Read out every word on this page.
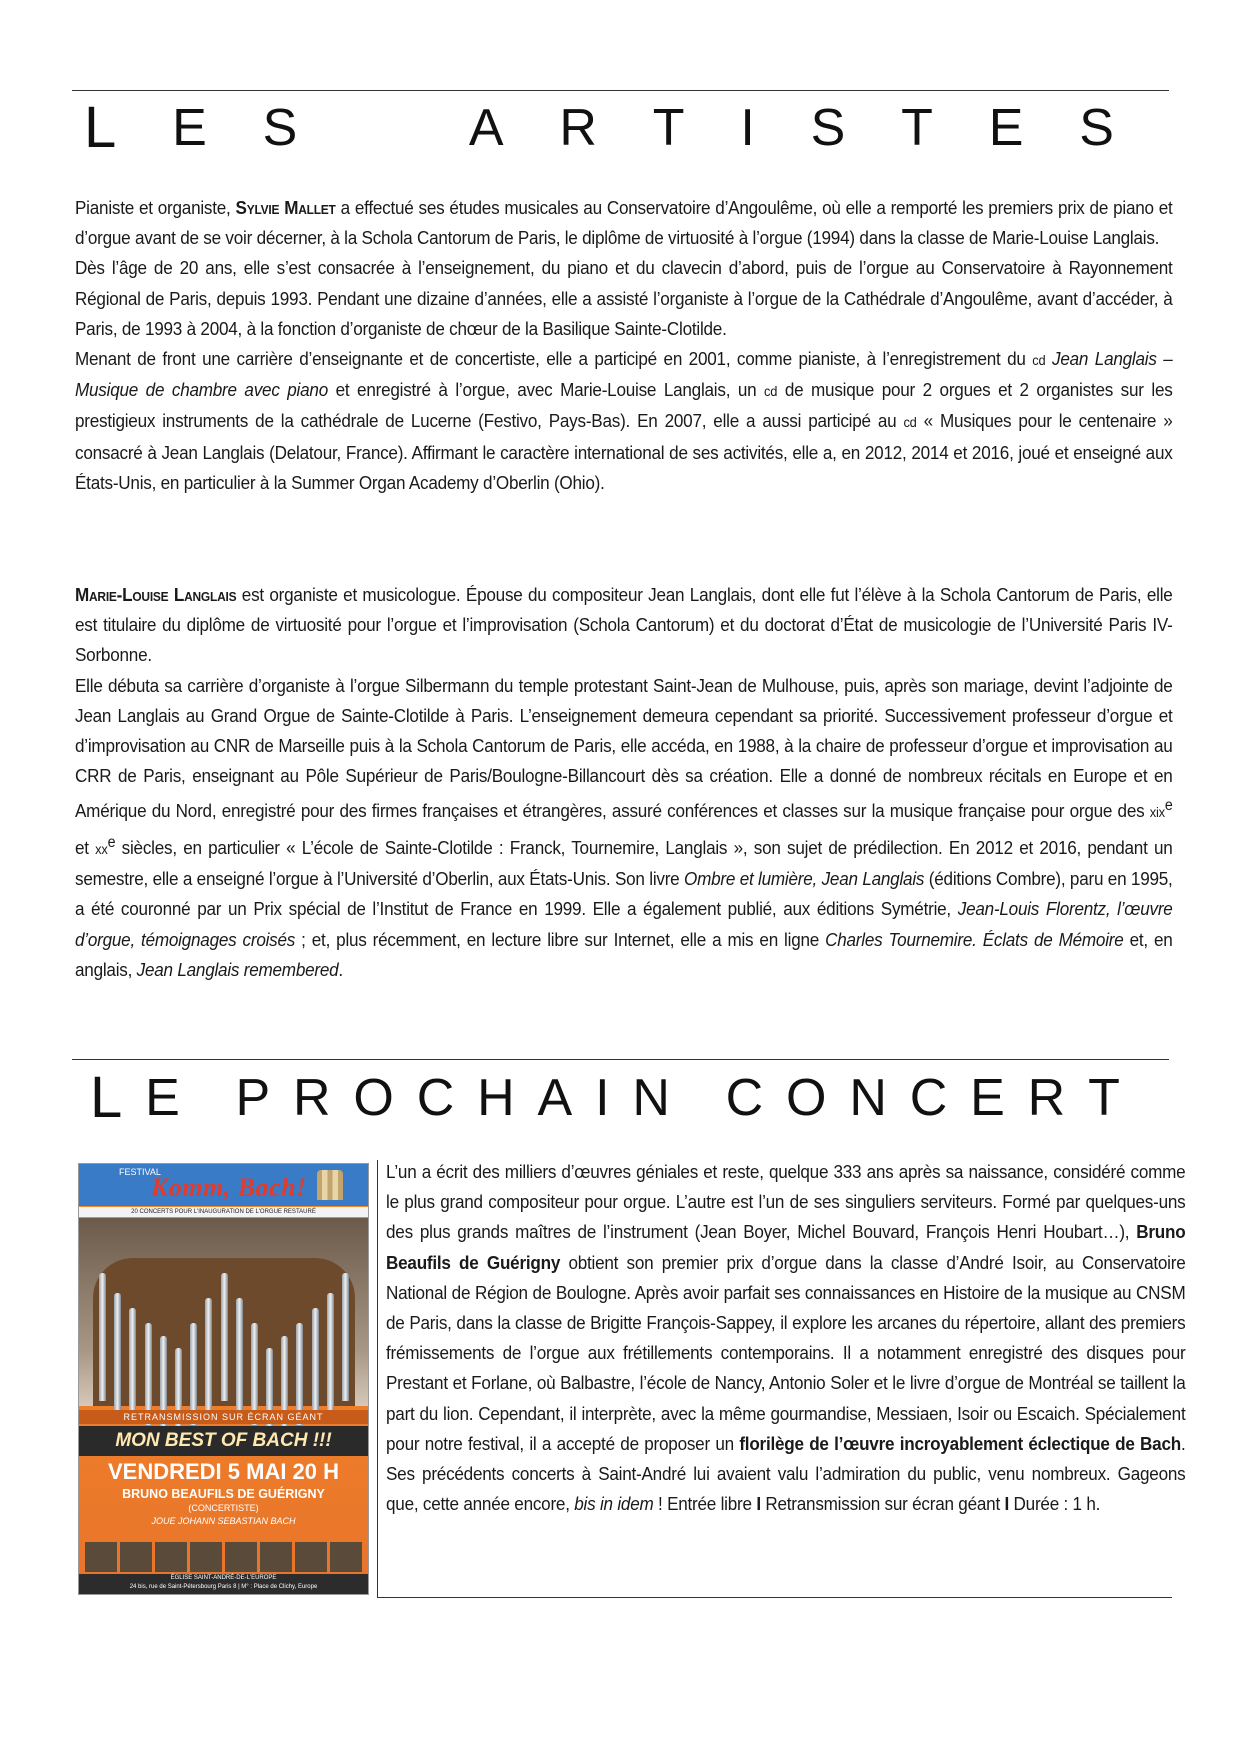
L E S	A R T I S T E S

Pianiste et organiste, Sylvie Mallet a effectué ses études musicales au Conservatoire d’Angoulême, où elle a remporté les premiers prix de piano et d’orgue avant de se voir décerner, à la Schola Cantorum de Paris, le diplôme de virtuosité à l’orgue (1994) dans la classe de Marie-Louise Langlais.

Dès l’âge de 20 ans, elle s’est consacrée à l’enseignement, du piano et du clavecin d’abord, puis de l’orgue au Conservatoire à Rayonnement Régional de Paris, depuis 1993. Pendant une dizaine d’années, elle a assisté l’organiste à l’orgue de la Cathédrale d’Angoulême, avant d’accéder, à Paris, de 1993 à 2004, à la fonction d’organiste de chœur de la Basilique Sainte-Clotilde.

Menant de front une carrière d’enseignante et de concertiste, elle a participé en 2001, comme pianiste, à l’enregistrement du cd Jean Langlais – Musique de chambre avec piano et enregistré à l’orgue, avec Marie-Louise Langlais, un cd de musique pour 2 orgues et 2 organistes sur les prestigieux instruments de la cathédrale de Lucerne (Festivo, Pays-Bas). En 2007, elle a aussi participé au cd « Musiques pour le centenaire » consacré à Jean Langlais (Delatour, France). Affirmant le caractère international de ses activités, elle a, en 2012, 2014 et 2016, joué et enseigné aux États-Unis, en particulier à la Summer Organ Academy d’Oberlin (Ohio).

Marie-Louise Langlais est organiste et musicologue. Épouse du compositeur Jean Langlais, dont elle fut l’élève à la Schola Cantorum de Paris, elle est titulaire du diplôme de virtuosité pour l’orgue et l’improvisation (Schola Cantorum) et du doctorat d’État de musicologie de l’Université Paris IV-Sorbonne.

Elle débuta sa carrière d’organiste à l’orgue Silbermann du temple protestant Saint-Jean de Mulhouse, puis, après son mariage, devint l’adjointe de Jean Langlais au Grand Orgue de Sainte-Clotilde à Paris. L’enseignement demeura cependant sa priorité. Successivement professeur d’orgue et d’improvisation au CNR de Marseille puis à la Schola Cantorum de Paris, elle accéda, en 1988, à la chaire de professeur d’orgue et improvisation au CRR de Paris, enseignant au Pôle Supérieur de Paris/Boulogne-Billancourt dès sa création. Elle a donné de nombreux récitals en Europe et en Amérique du Nord, enregistré pour des firmes françaises et étrangères, assuré conférences et classes sur la musique française pour orgue des xix$^e$ et $xx^e$ siècles, en particulier « L’école de Sainte-Clotilde : Franck, Tournemire, Langlais », son sujet de prédilection. En 2012 et 2016, pendant un semestre, elle a enseigné l’orgue à l’Université d’Oberlin, aux États-Unis. Son livre Ombre et lumière, Jean Langlais (éditions Combre), paru en 1995, a été couronné par un Prix spécial de l’Institut de France en 1999. Elle a également publié, aux éditions Symétrie, Jean-Louis Florentz, l’œuvre d’orgue, témoignages croisés ; et, plus récemment, en lecture libre sur Internet, elle a mis en ligne Charles Tournemire. Éclats de Mémoire et, en anglais, Jean Langlais remembered.

L E P R O C H A I N C O N C E R T
FESTIVAL
Komm, Bach!
20 CONCERTS POUR L'INAUGURATION DE L'ORGUE RESTAURÉ
RETRANSMISSION SUR ÉCRAN GÉANT
MON BEST OF BACH !!!
VENDREDI 5 MAI 20 H
BRUNO BEAUFILS DE GUÉRIGNY
(CONCERTISTE)
JOUE JOHANN SEBASTIAN BACH
ÉGLISE SAINT-ANDRÉ-DE-L'EUROPE
24 bis, rue de Saint-Pétersbourg Paris 8 | M° : Place de Clichy, Europe

L’un a écrit des milliers d’œuvres géniales et reste, quelque 333 ans après sa naissance, considéré comme le plus grand compositeur pour orgue. L’autre est l’un de ses singuliers serviteurs. Formé par quelques-uns des plus grands maîtres de l’instrument (Jean Boyer, Michel Bouvard, François Henri Houbart…), Bruno Beaufils de Guérigny obtient son premier prix d’orgue dans la classe d’André Isoir, au Conservatoire National de Région de Boulogne. Après avoir parfait ses connaissances en Histoire de la musique au CNSM de Paris, dans la classe de Brigitte François-Sappey, il explore les arcanes du répertoire, allant des premiers frémissements de l’orgue aux frétillements contemporains. Il a notamment enregistré des disques pour Prestant et Forlane, où Balbastre, l’école de Nancy, Antonio Soler et le livre d’orgue de Montréal se taillent la part du lion. Cependant, il interprète, avec la même gourmandise, Messiaen, Isoir ou Escaich. Spécialement pour notre festival, il a accepté de proposer un florilège de l’œuvre incroyablement éclectique de Bach. Ses précédents concerts à Saint-André lui avaient valu l’admiration du public, venu nombreux. Gageons que, cette année encore, bis in idem ! Entrée libre I Retransmission sur écran géant I Durée : 1 h.
